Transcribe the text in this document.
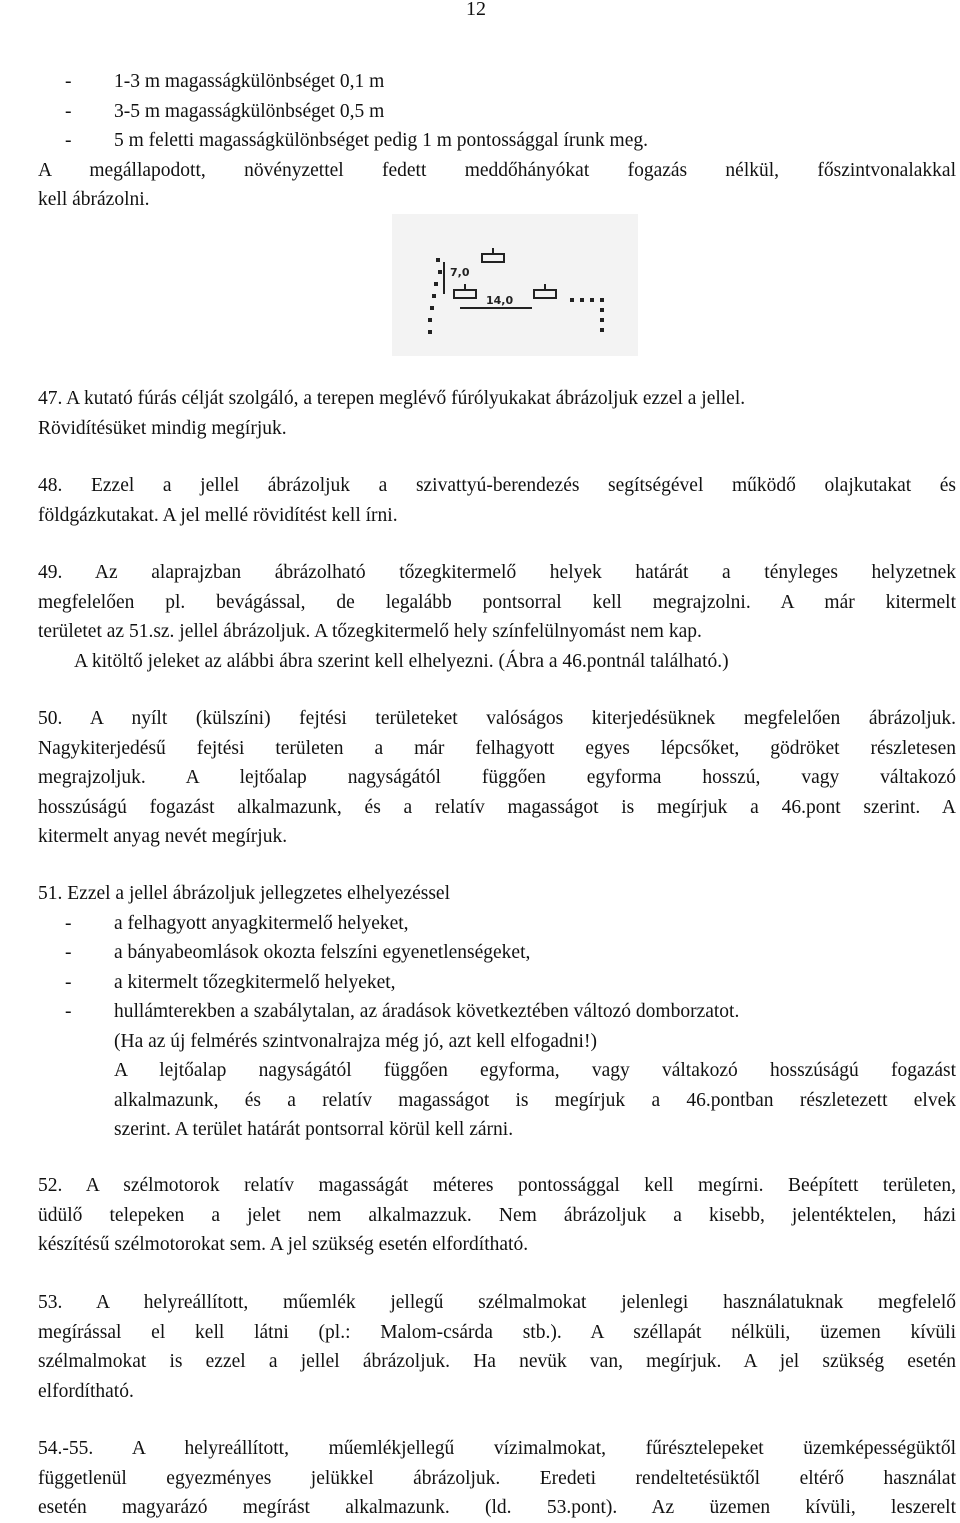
12
- 1-3 m magasságkülönbséget 0,1 m
- 3-5 m magasságkülönbséget 0,5 m
- 5 m feletti magasságkülönbséget pedig 1 m pontossággal írunk meg.
A megállapodott, növényzettel fedett meddőhányókat fogazás nélkül, főszintvonalakkal
kell ábrázolni.
7,0
14,0
47. A kutató fúrás célját szolgáló, a terepen meglévő fúrólyukakat ábrázoljuk ezzel a jellel.
Rövidítésüket mindig megírjuk.
48. Ezzel a jellel ábrázoljuk a szivattyú-berendezés segítségével működő olajkutakat és
földgázkutakat. A jel mellé rövidítést kell írni.
49. Az alaprajzban ábrázolható tőzegkitermelő helyek határát a tényleges helyzetnek
megfelelően pl. bevágással, de legalább pontsorral kell megrajzolni. A már kitermelt
területet az 51.sz. jellel ábrázoljuk. A tőzegkitermelő hely színfelülnyomást nem kap.
A kitöltő jeleket az alábbi ábra szerint kell elhelyezni. (Ábra a 46.pontnál található.)
50. A nyílt (külszíni) fejtési területeket valóságos kiterjedésüknek megfelelően ábrázoljuk.
Nagykiterjedésű fejtési területen a már felhagyott egyes lépcsőket, gödröket részletesen
megrajzoljuk. A lejtőalap nagyságától függően egyforma hosszú, vagy váltakozó
hosszúságú fogazást alkalmazunk, és a relatív magasságot is megírjuk a 46.pont szerint. A
kitermelt anyag nevét megírjuk.
51. Ezzel a jellel ábrázoljuk jellegzetes elhelyezéssel
- a felhagyott anyagkitermelő helyeket,
- a bányabeomlások okozta felszíni egyenetlenségeket,
- a kitermelt tőzegkitermelő helyeket,
- hullámterekben a szabálytalan, az áradások következtében változó domborzatot.
(Ha az új felmérés szintvonalrajza még jó, azt kell elfogadni!)
A lejtőalap nagyságától függően egyforma, vagy váltakozó hosszúságú fogazást
alkalmazunk, és a relatív magasságot is megírjuk a 46.pontban részletezett elvek
szerint. A terület határát pontsorral körül kell zárni.
52. A szélmotorok relatív magasságát méteres pontossággal kell megírni. Beépített területen,
üdülő telepeken a jelet nem alkalmazzuk. Nem ábrázoljuk a kisebb, jelentéktelen, házi
készítésű szélmotorokat sem. A jel szükség esetén elfordítható.
53. A helyreállított, műemlék jellegű szélmalmokat jelenlegi használatuknak megfelelő
megírással el kell látni (pl.: Malom-csárda stb.). A széllapát nélküli, üzemen kívüli
szélmalmokat is ezzel a jellel ábrázoljuk. Ha nevük van, megírjuk. A jel szükség esetén
elfordítható.
54.-55. A helyreállított, műemlékjellegű vízimalmokat, fűrésztelepeket üzemképességüktől
függetlenül egyezményes jelükkel ábrázoljuk. Eredeti rendeltetésüktől eltérő használat
esetén magyarázó megírást alkalmazunk. (ld. 53.pont). Az üzemen kívüli, leszerelt
